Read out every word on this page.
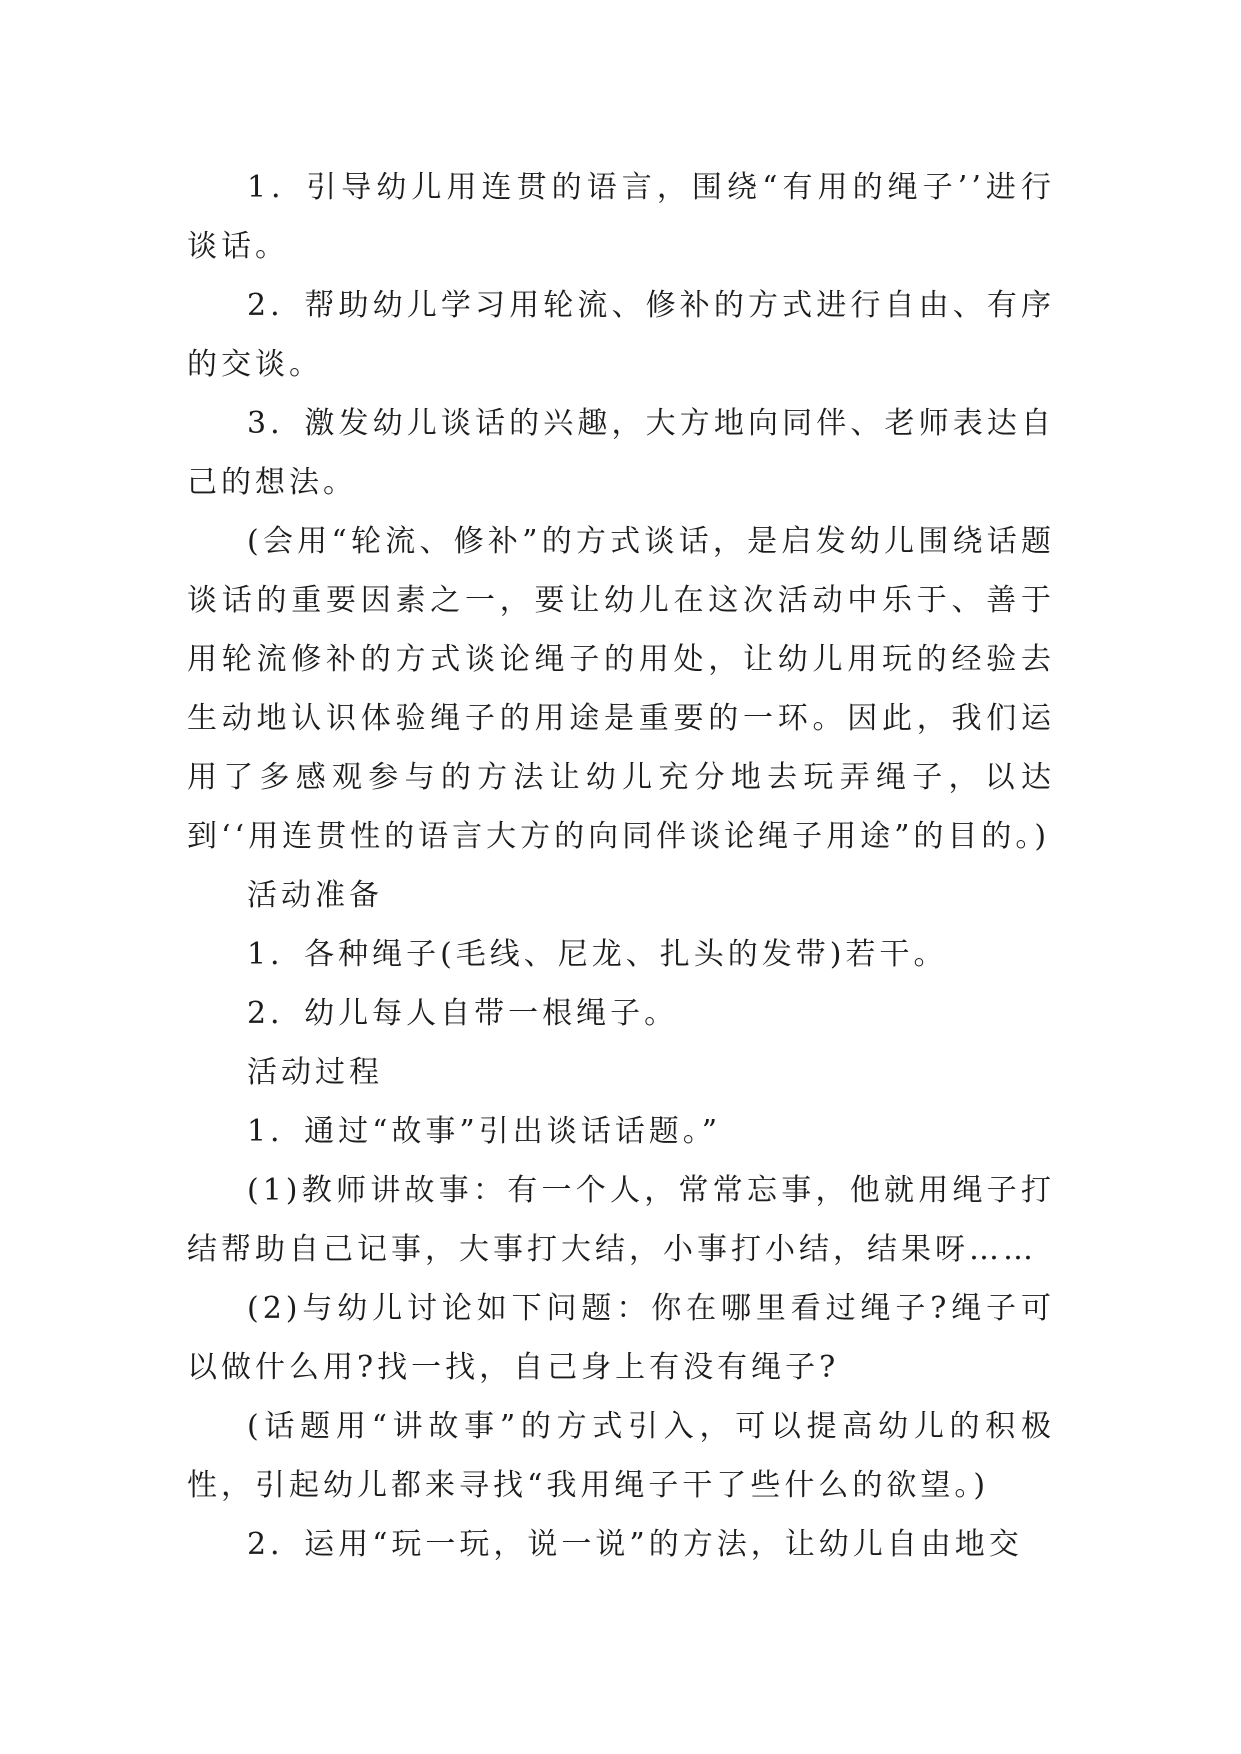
1．引导幼儿用连贯的语言，围绕“有用的绳子’’进行谈话。

2．帮助幼儿学习用轮流、修补的方式进行自由、有序的交谈。

3．激发幼儿谈话的兴趣，大方地向同伴、老师表达自己的想法。

(会用“轮流、修补”的方式谈话，是启发幼儿围绕话题谈话的重要因素之一，要让幼儿在这次活动中乐于、善于用轮流修补的方式谈论绳子的用处，让幼儿用玩的经验去生动地认识体验绳子的用途是重要的一环。因此，我们运用了多感观参与的方法让幼儿充分地去玩弄绳子，以达到‘‘用连贯性的语言大方的向同伴谈论绳子用途”的目的。)

活动准备

1．各种绳子(毛线、尼龙、扎头的发带)若干。

2．幼儿每人自带一根绳子。

活动过程

1．通过“故事”引出谈话话题。”

(1)教师讲故事：有一个人，常常忘事，他就用绳子打结帮助自己记事，大事打大结，小事打小结，结果呀……

(2)与幼儿讨论如下问题：你在哪里看过绳子?绳子可以做什么用?找一找，自己身上有没有绳子?

(话题用“讲故事”的方式引入，可以提高幼儿的积极性，引起幼儿都来寻找“我用绳子干了些什么的欲望。)

2．运用“玩一玩，说一说”的方法，让幼儿自由地交
